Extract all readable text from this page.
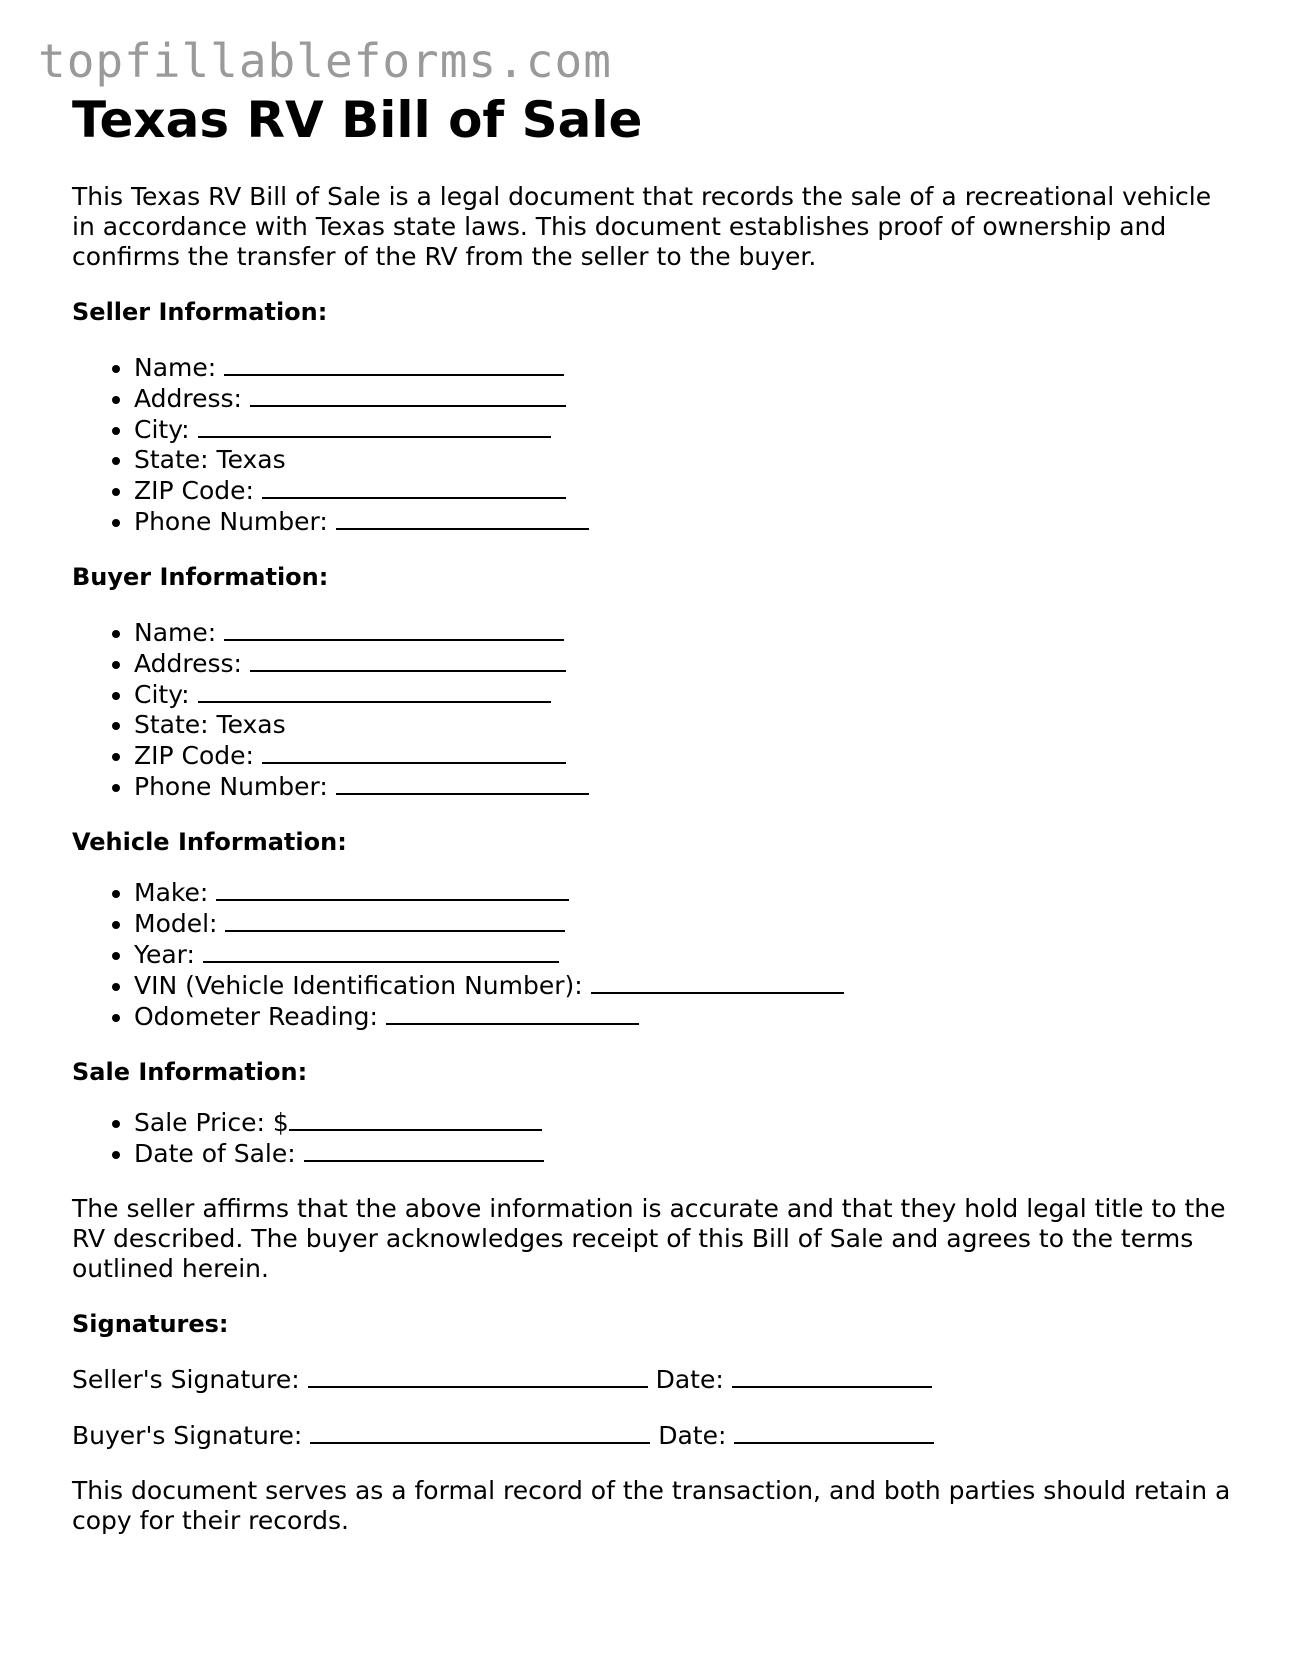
topfillableforms.com
Texas RV Bill of Sale

This Texas RV Bill of Sale is a legal document that records the sale of a recreational vehicle in accordance with Texas state laws. This document establishes proof of ownership and confirms the transfer of the RV from the seller to the buyer.

Seller Information:
• Name:
• Address:
• City:
• State: Texas
• ZIP Code:
• Phone Number:
Buyer Information:
• Name:
• Address:
• City:
• State: Texas
• ZIP Code:
• Phone Number:
Vehicle Information:
• Make:
• Model:
• Year:
• VIN (Vehicle Identification Number):
• Odometer Reading:
Sale Information:
• Sale Price: $
• Date of Sale:

The seller affirms that the above information is accurate and that they hold legal title to the RV described. The buyer acknowledges receipt of this Bill of Sale and agrees to the terms outlined herein.

Signatures:
Seller's Signature:	Date:
Buyer's Signature:	Date:

This document serves as a formal record of the transaction, and both parties should retain a copy for their records.
